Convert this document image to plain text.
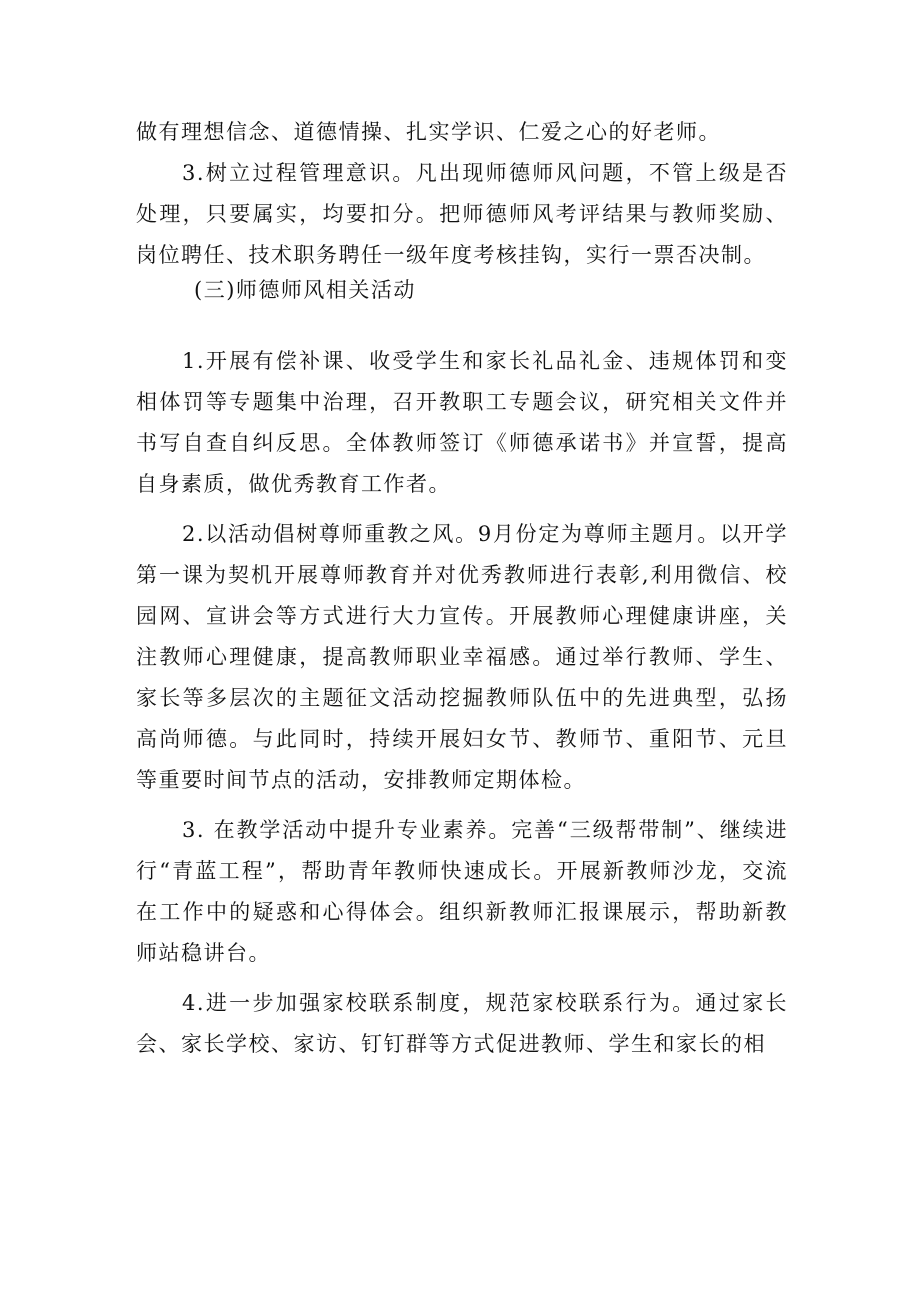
做有理想信念、道德情操、扎实学识、仁爱之心的好老师。

3.树立过程管理意识。凡出现师德师风问题，不管上级是否处理，只要属实，均要扣分。把师德师风考评结果与教师奖励、岗位聘任、技术职务聘任一级年度考核挂钩，实行一票否决制。

(三)师德师风相关活动

1.开展有偿补课、收受学生和家长礼品礼金、违规体罚和变相体罚等专题集中治理，召开教职工专题会议，研究相关文件并书写自查自纠反思。全体教师签订《师德承诺书》并宣誓，提高自身素质，做优秀教育工作者。

2.以活动倡树尊师重教之风。9月份定为尊师主题月。以开学第一课为契机开展尊师教育并对优秀教师进行表彰,利用微信、校园网、宣讲会等方式进行大力宣传。开展教师心理健康讲座，关注教师心理健康，提高教师职业幸福感。通过举行教师、学生、家长等多层次的主题征文活动挖掘教师队伍中的先进典型，弘扬高尚师德。与此同时，持续开展妇女节、教师节、重阳节、元旦等重要时间节点的活动，安排教师定期体检。

3. 在教学活动中提升专业素养。完善“三级帮带制”、继续进行“青蓝工程”，帮助青年教师快速成长。开展新教师沙龙，交流在工作中的疑惑和心得体会。组织新教师汇报课展示，帮助新教师站稳讲台。

4.进一步加强家校联系制度，规范家校联系行为。通过家长会、家长学校、家访、钉钉群等方式促进教师、学生和家长的相
